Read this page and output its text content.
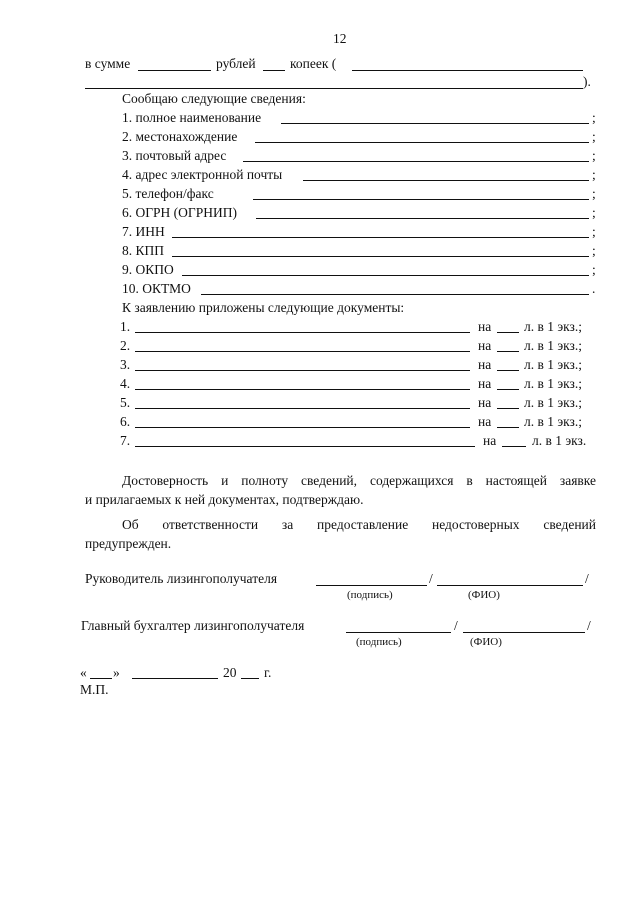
12
в сумме	рублей	копеек (
).
Сообщаю следующие сведения:
1. полное наименование	;
2. местонахождение	;
3. почтовый адрес	;
4. адрес электронной почты	;
5. телефон/факс	;
6. ОГРН (ОГРНИП)	;
7. ИНН	;
8. КПП	;
9. ОКПО	;
10. ОКТМО	.
К заявлению приложены следующие документы:
1.	на л. в 1 экз.;
2.	на л. в 1 экз.;
3.	на л. в 1 экз.;
4.	на л. в 1 экз.;
5.	на л. в 1 экз.;
6.	на л. в 1 экз.;
7.	на	л. в 1 экз.
Достоверность и полноту сведений, содержащихся в настоящей заявке
и прилагаемых к ней документах, подтверждаю.
Об ответственности за предоставление недостоверных сведений
предупрежден.
Руководитель лизингополучателя	/	/
(подпись)	(ФИО)
Главный бухгалтер лизингополучателя	/	/
(подпись)	(ФИО)
« »	20 г.
М.П.
